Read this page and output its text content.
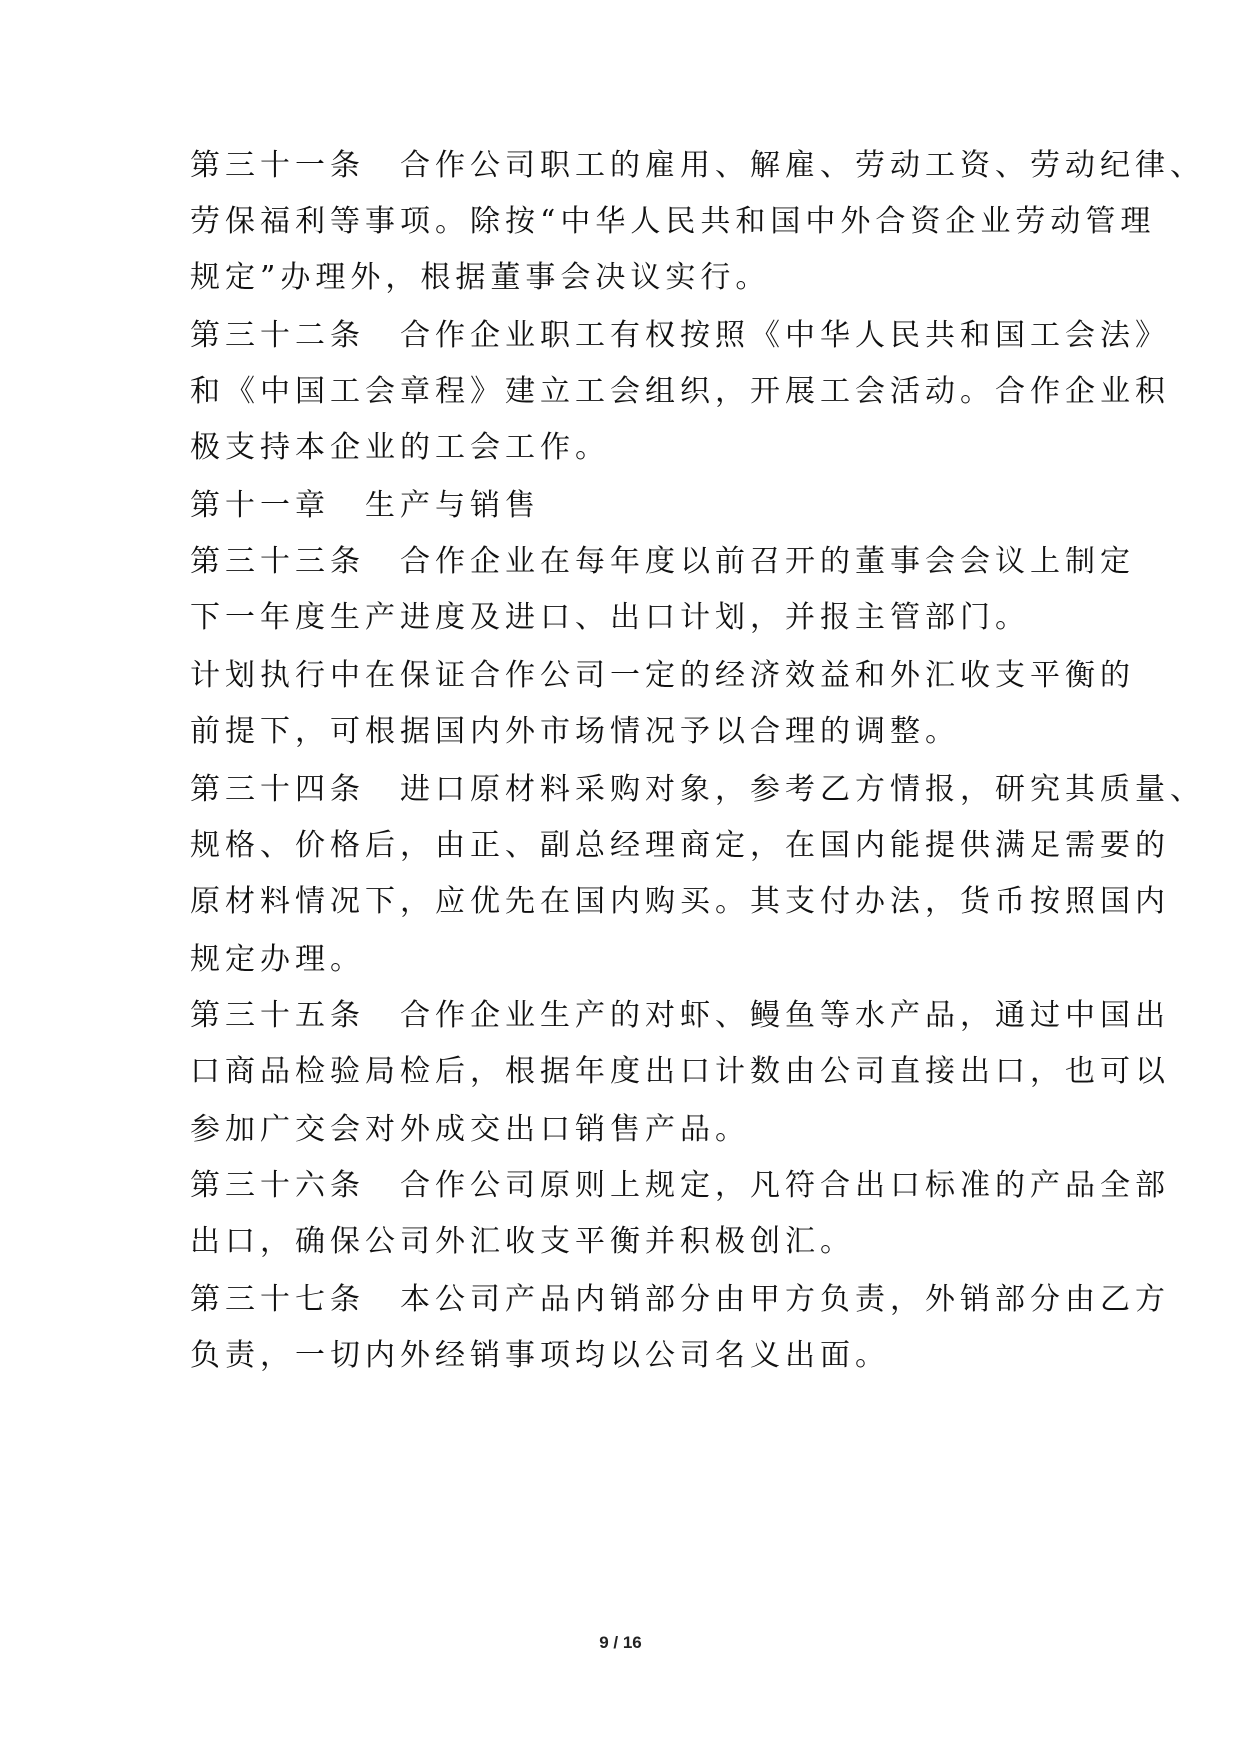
第三十一条　合作公司职工的雇用、解雇、劳动工资、劳动纪律、
劳保福利等事项。除按“中华人民共和国中外合资企业劳动管理
规定”办理外，根据董事会决议实行。
第三十二条　合作企业职工有权按照《中华人民共和国工会法》
和《中国工会章程》建立工会组织，开展工会活动。合作企业积
极支持本企业的工会工作。
第十一章　生产与销售
第三十三条　合作企业在每年度以前召开的董事会会议上制定
下一年度生产进度及进口、出口计划，并报主管部门。
计划执行中在保证合作公司一定的经济效益和外汇收支平衡的
前提下，可根据国内外市场情况予以合理的调整。
第三十四条　进口原材料采购对象，参考乙方情报，研究其质量、
规格、价格后，由正、副总经理商定，在国内能提供满足需要的
原材料情况下，应优先在国内购买。其支付办法，货币按照国内
规定办理。
第三十五条　合作企业生产的对虾、鳗鱼等水产品，通过中国出
口商品检验局检后，根据年度出口计数由公司直接出口，也可以
参加广交会对外成交出口销售产品。
第三十六条　合作公司原则上规定，凡符合出口标准的产品全部
出口，确保公司外汇收支平衡并积极创汇。
第三十七条　本公司产品内销部分由甲方负责，外销部分由乙方
负责，一切内外经销事项均以公司名义出面。
9 / 16
